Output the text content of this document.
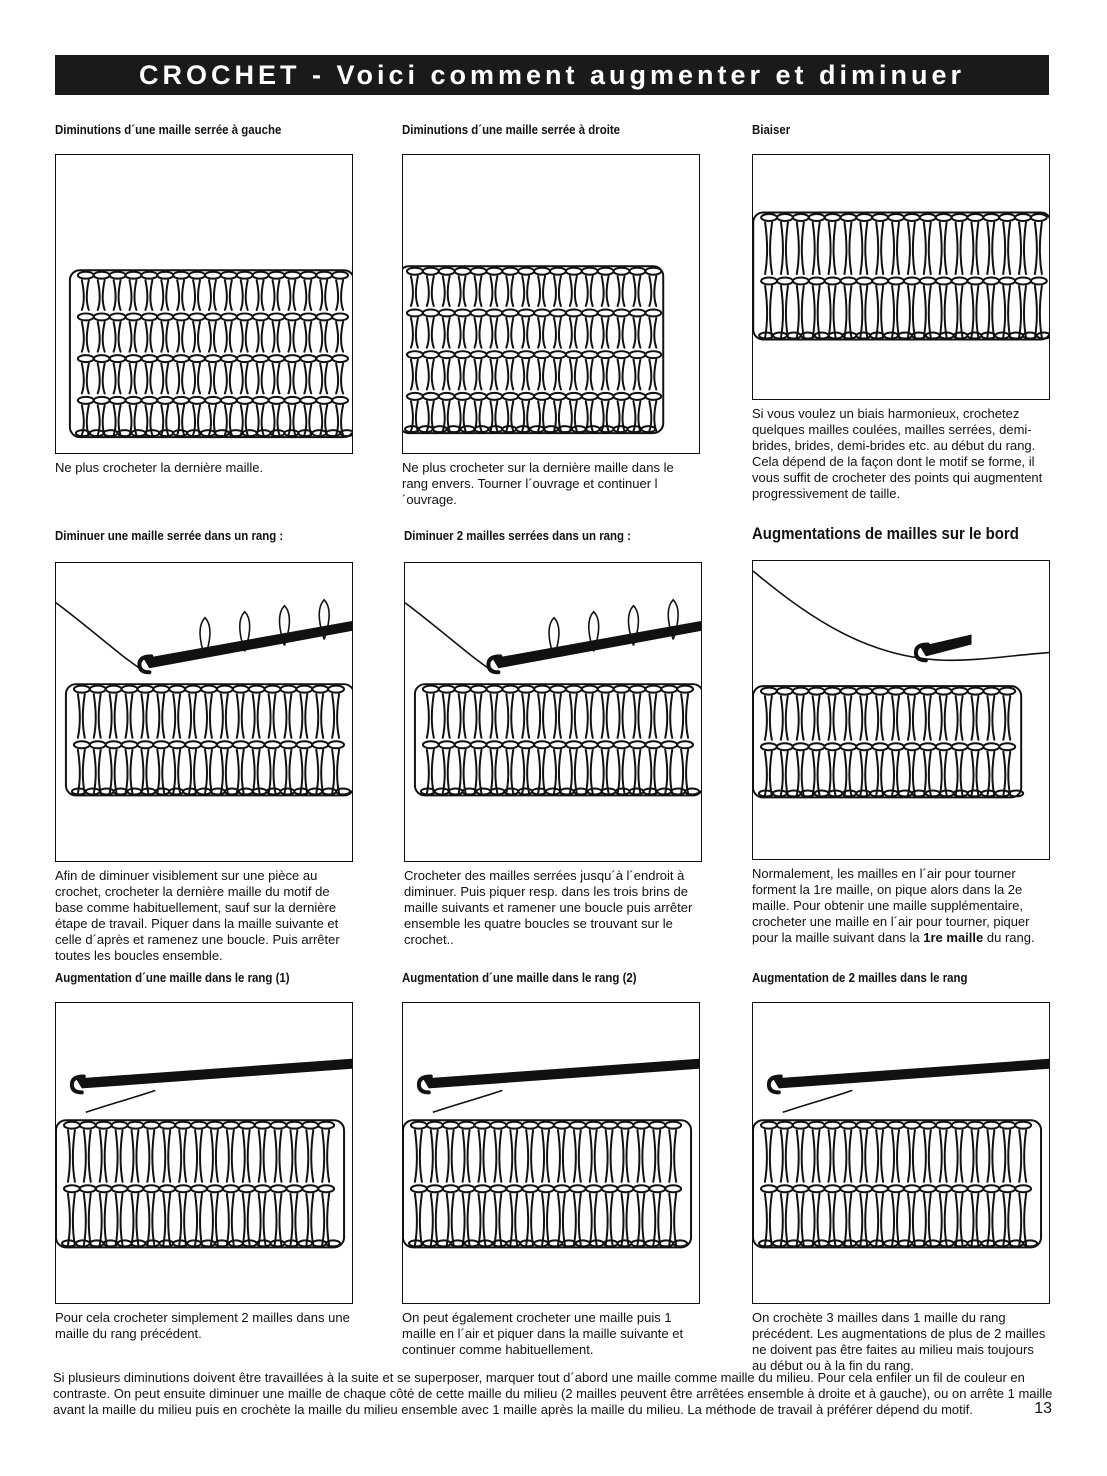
CROCHET - Voici comment augmenter et diminuer
Diminutions d´une maille serrée à gauche
Ne plus crocheter la dernière maille.
Diminutions d´une maille serrée à droite
Ne plus crocheter sur la dernière maille dans le rang envers. Tourner l´ouvrage et continuer l´ouvrage.
Biaiser
Si vous voulez un biais harmonieux, crochetez quelques mailles coulées, mailles serrées, demi-brides, brides, demi-brides etc. au début du rang. Cela dépend de la façon dont le motif se forme, il vous suffit de crocheter des points qui augmentent progressivement de taille.
Diminuer une maille serrée dans un rang :
Afin de diminuer visiblement sur une pièce au crochet, crocheter la dernière maille du motif de base comme habituellement, sauf sur la dernière étape de travail. Piquer dans la maille suivante et celle d´après et ramenez une boucle. Puis arrêter toutes les boucles ensemble.
Diminuer 2 mailles serrées dans un rang :
Crocheter des mailles serrées jusqu´à l´endroit à diminuer. Puis piquer resp. dans les trois brins de maille suivants et ramener une boucle puis arrêter ensemble les quatre boucles se trouvant sur le crochet..
Augmentations de mailles sur le bord
Normalement, les mailles en l´air pour tourner forment la 1re maille, on pique alors dans la 2e maille. Pour obtenir une maille supplémentaire, crocheter une maille en l´air pour tourner, piquer pour la maille suivant dans la 1re maille du rang.
Augmentation d´une maille dans le rang (1)
Pour cela crocheter simplement 2 mailles dans une maille du rang précédent.
Augmentation d´une maille dans le rang (2)
On peut également crocheter une maille puis 1 maille en l´air et piquer dans la maille suivante et continuer comme habituellement.
Augmentation de 2 mailles dans le rang
On crochète 3 mailles dans 1 maille du rang précédent. Les augmentations de plus de 2 mailles ne doivent pas être faites au milieu mais toujours au début ou à la fin du rang.
Si plusieurs diminutions doivent être travaillées à la suite et se superposer, marquer tout d´abord une maille comme maille du milieu. Pour cela enfiler un fil de couleur en contraste. On peut ensuite diminuer une maille de chaque côté de cette maille du milieu (2 mailles peuvent être arrêtées ensemble à droite et à gauche), ou on arrête 1 maille avant la maille du milieu puis en crochète la maille du milieu ensemble avec 1 maille après la maille du milieu. La méthode de travail à préférer dépend du motif.	13
